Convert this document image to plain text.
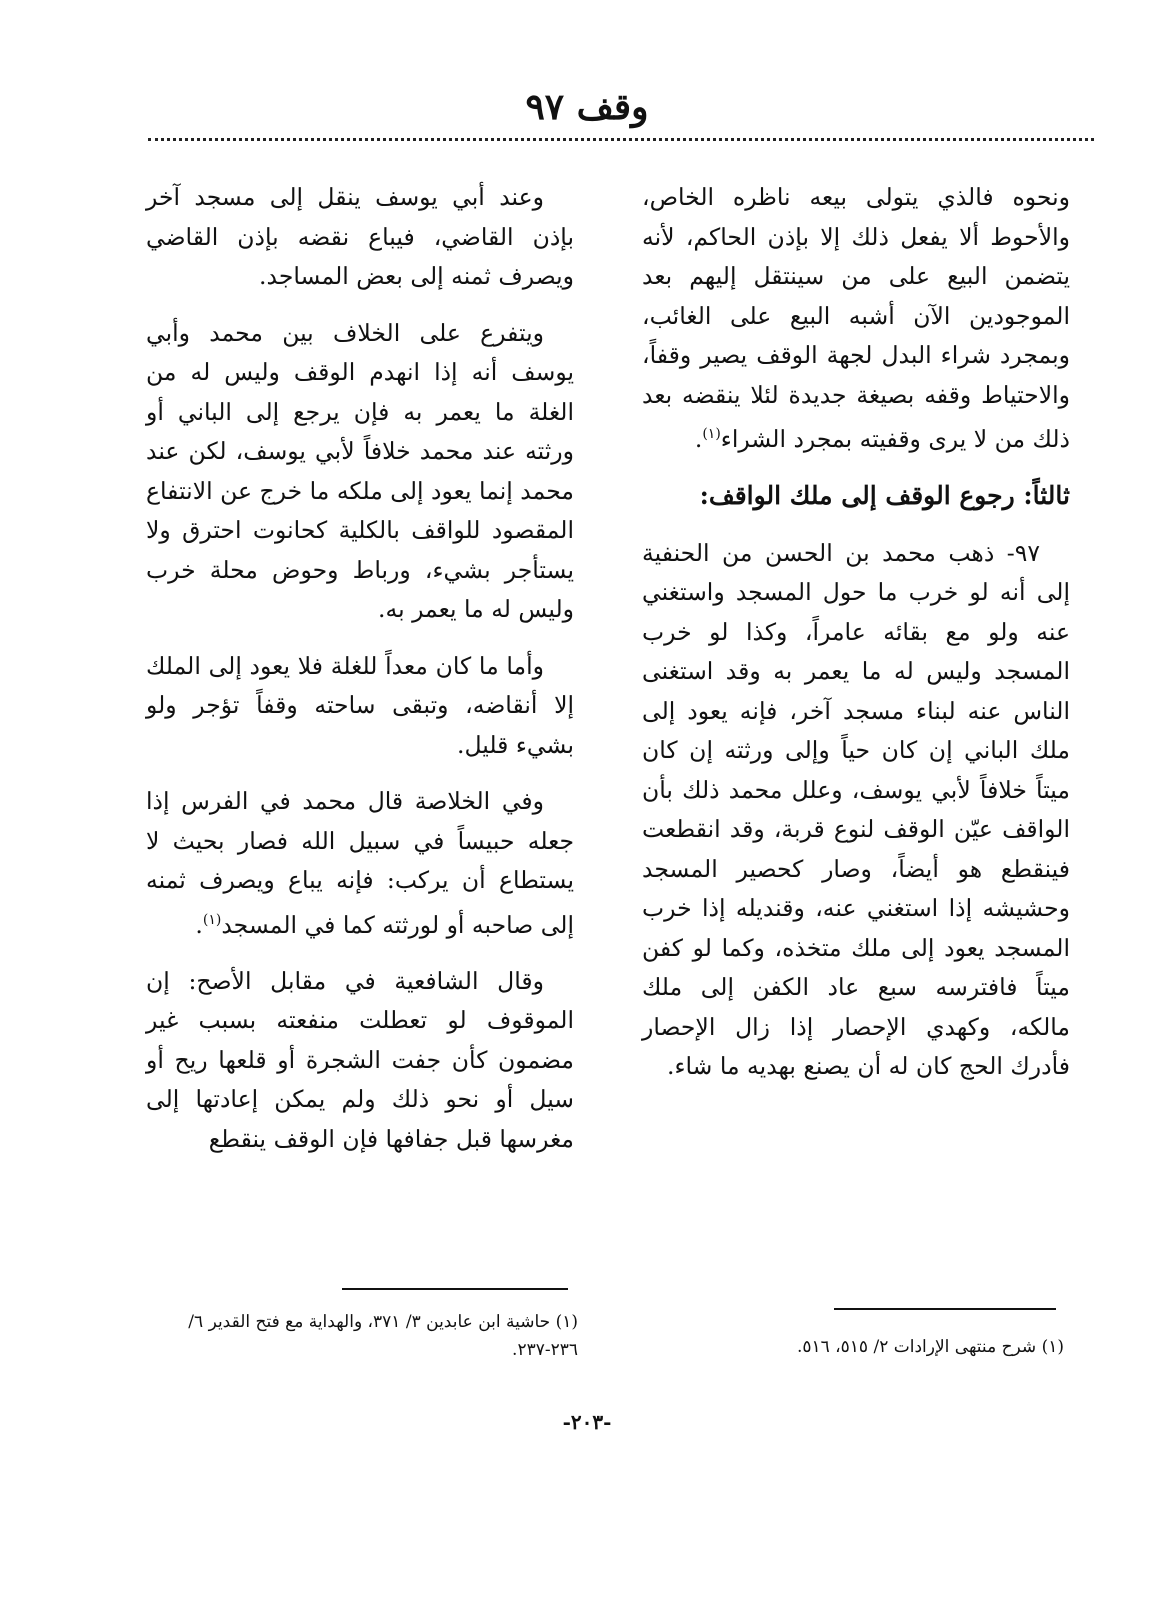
وقف ٩٧

ونحوه فالذي يتولى بيعه ناظره الخاص، والأحوط ألا يفعل ذلك إلا بإذن الحاكم، لأنه يتضمن البيع على من سينتقل إليهم بعد الموجودين الآن أشبه البيع على الغائب، وبمجرد شراء البدل لجهة الوقف يصير وقفاً، والاحتياط وقفه بصيغة جديدة لئلا ينقضه بعد ذلك من لا يرى وقفيته بمجرد الشراء$^{(١)}$.

ثالثاً: رجوع الوقف إلى ملك الواقف:

٩٧- ذهب محمد بن الحسن من الحنفية إلى أنه لو خرب ما حول المسجد واستغني عنه ولو مع بقائه عامراً، وكذا لو خرب المسجد وليس له ما يعمر به وقد استغنى الناس عنه لبناء مسجد آخر، فإنه يعود إلى ملك الباني إن كان حياً وإلى ورثته إن كان ميتاً خلافاً لأبي يوسف، وعلل محمد ذلك بأن الواقف عيّن الوقف لنوع قربة، وقد انقطعت فينقطع هو أيضاً، وصار كحصير المسجد وحشيشه إذا استغني عنه، وقنديله إذا خرب المسجد يعود إلى ملك متخذه، وكما لو كفن ميتاً فافترسه سبع عاد الكفن إلى ملك مالكه، وكهدي الإحصار إذا زال الإحصار فأدرك الحج كان له أن يصنع بهديه ما شاء.

وعند أبي يوسف ينقل إلى مسجد آخر بإذن القاضي، فيباع نقضه بإذن القاضي ويصرف ثمنه إلى بعض المساجد.

ويتفرع على الخلاف بين محمد وأبي يوسف أنه إذا انهدم الوقف وليس له من الغلة ما يعمر به فإن يرجع إلى الباني أو ورثته عند محمد خلافاً لأبي يوسف، لكن عند محمد إنما يعود إلى ملكه ما خرج عن الانتفاع المقصود للواقف بالكلية كحانوت احترق ولا يستأجر بشيء، ورباط وحوض محلة خرب وليس له ما يعمر به.

وأما ما كان معداً للغلة فلا يعود إلى الملك إلا أنقاضه، وتبقى ساحته وقفاً تؤجر ولو بشيء قليل.

وفي الخلاصة قال محمد في الفرس إذا جعله حبيساً في سبيل الله فصار بحيث لا يستطاع أن يركب: فإنه يباع ويصرف ثمنه إلى صاحبه أو لورثته كما في المسجد$^{(١)}$.

وقال الشافعية في مقابل الأصح: إن الموقوف لو تعطلت منفعته بسبب غير مضمون كأن جفت الشجرة أو قلعها ريح أو سيل أو نحو ذلك ولم يمكن إعادتها إلى مغرسها قبل جفافها فإن الوقف ينقطع

(١) شرح منتهى الإرادات ٢/ ٥١٥، ٥١٦.
(١) حاشية ابن عابدين ٣/ ٣٧١، والهداية مع فتح القدير ٦/ ٢٣٦-٢٣٧.
-٢٠٣-
